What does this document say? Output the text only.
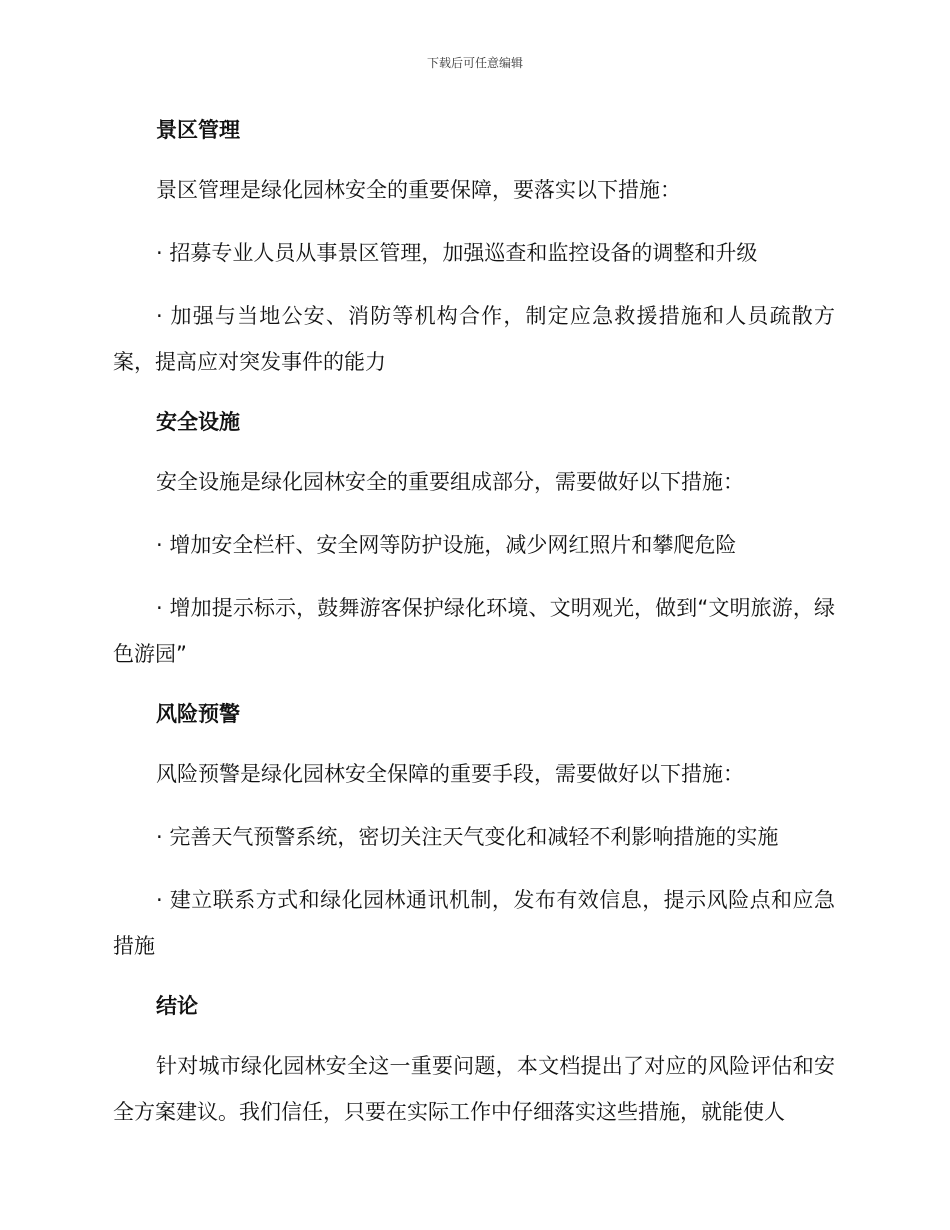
下载后可任意编辑
景区管理
景区管理是绿化园林安全的重要保障，要落实以下措施：
· 招募专业人员从事景区管理，加强巡查和监控设备的调整和升级
· 加强与当地公安、消防等机构合作，制定应急救援措施和人员疏散方案，提高应对突发事件的能力
安全设施
安全设施是绿化园林安全的重要组成部分，需要做好以下措施：
· 增加安全栏杆、安全网等防护设施，减少网红照片和攀爬危险
· 增加提示标示，鼓舞游客保护绿化环境、文明观光，做到“文明旅游，绿色游园”
风险预警
风险预警是绿化园林安全保障的重要手段，需要做好以下措施：
· 完善天气预警系统，密切关注天气变化和减轻不利影响措施的实施
· 建立联系方式和绿化园林通讯机制，发布有效信息，提示风险点和应急措施
结论
针对城市绿化园林安全这一重要问题，本文档提出了对应的风险评估和安全方案建议。我们信任，只要在实际工作中仔细落实这些措施，就能使人
